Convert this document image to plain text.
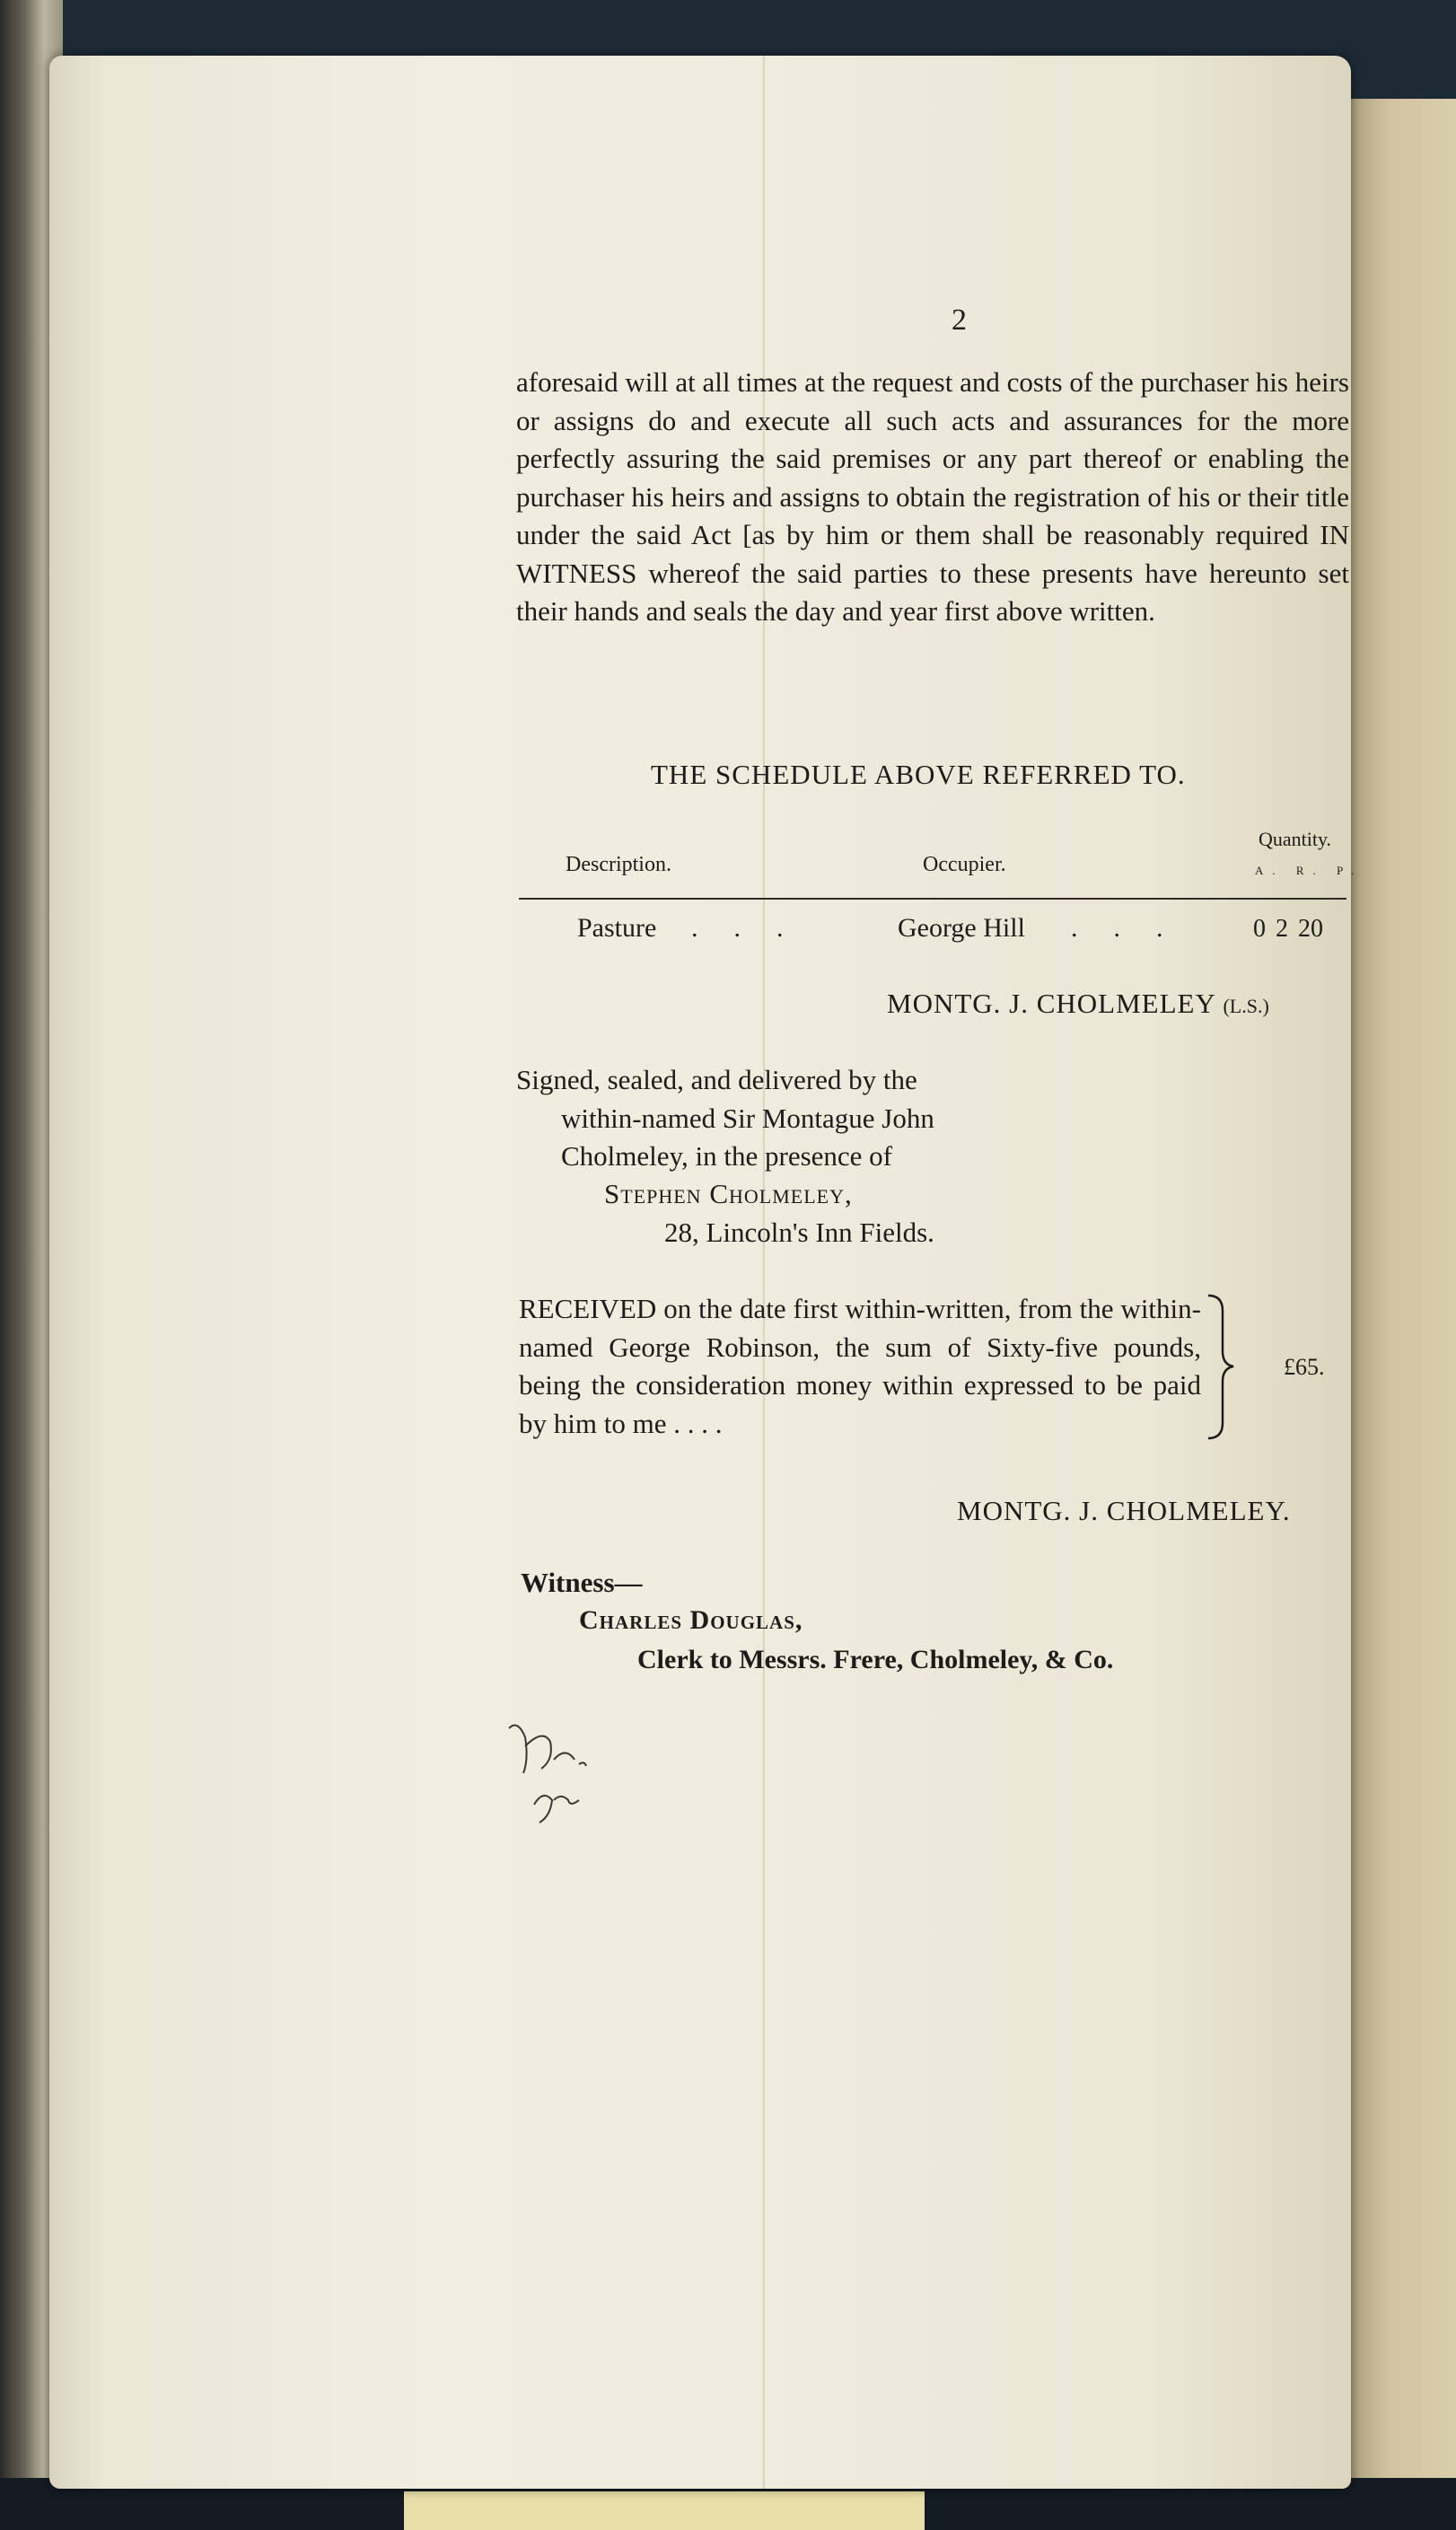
2

aforesaid will at all times at the request and costs of the purchaser his heirs or assigns do and execute all such acts and assurances for the more perfectly assuring the said premises or any part thereof or enabling the purchaser his heirs and assigns to obtain the registration of his or their title under the said Act [as by him or them shall be reasonably required IN WITNESS whereof the said parties to these presents have hereunto set their hands and seals the day and year first above written.

THE SCHEDULE ABOVE REFERRED TO.
Description.	Occupier.
Quantity.
A. R. P.
Pasture ...	George Hill ... 0 2 20
MONTG. J. CHOLMELEY (L.S.)
Signed, sealed, and delivered by the
within-named Sir Montague John
Cholmeley, in the presence of
Stephen Cholmeley,
28, Lincoln's Inn Fields.

RECEIVED on the date first within-written, from the within-named George Robinson, the sum of Sixty-five pounds, being the consideration money within expressed to be paid by him to me . . . .

£65.
MONTG. J. CHOLMELEY.
Witness—
Charles Douglas,
Clerk to Messrs. Frere, Cholmeley, & Co.
